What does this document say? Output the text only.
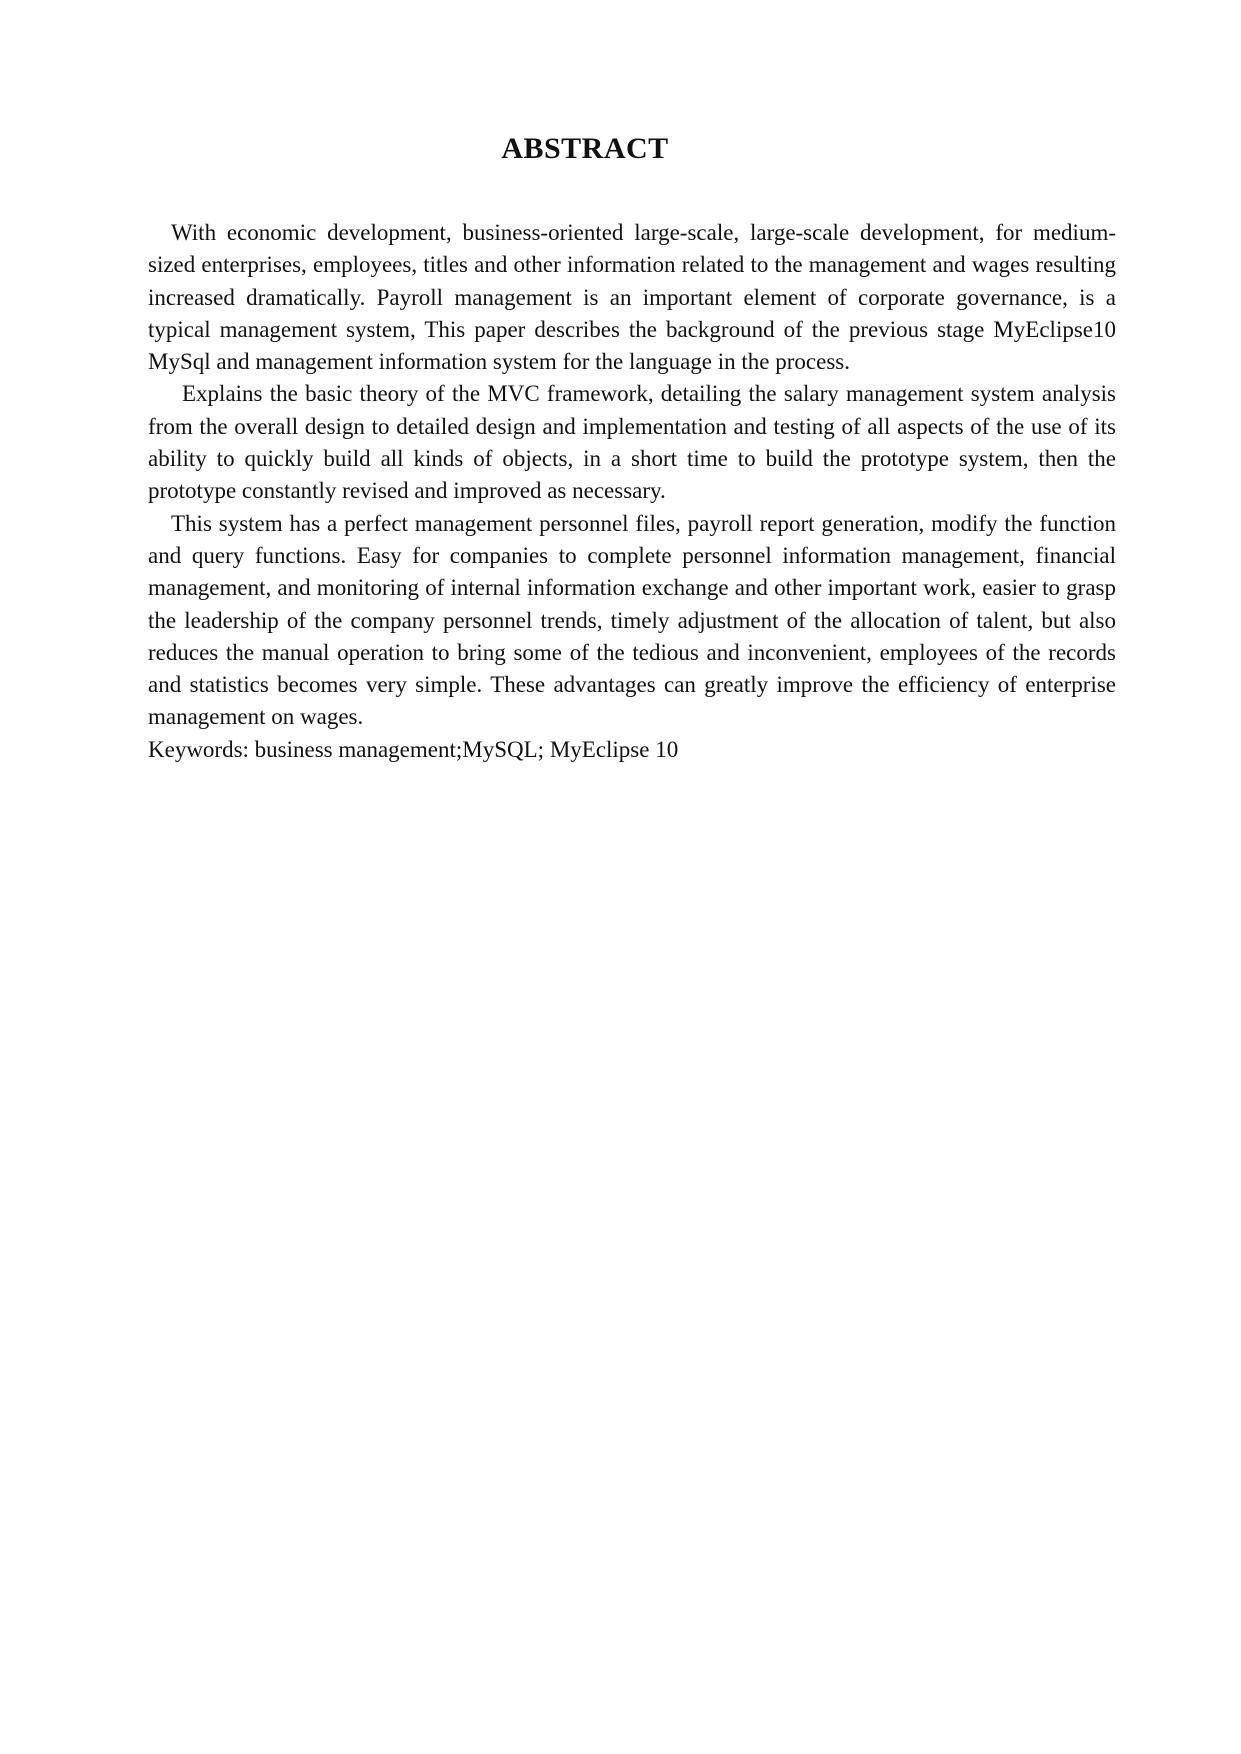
ABSTRACT

With economic development, business-oriented large-scale, large-scale development, for medium-sized enterprises, employees, titles and other information related to the management and wages resulting increased dramatically. Payroll management is an important element of corporate governance, is a typical management system, This paper describes the background of the previous stage MyEclipse10 MySql and management information system for the language in the process.

Explains the basic theory of the MVC framework, detailing the salary management system analysis from the overall design to detailed design and implementation and testing of all aspects of the use of its ability to quickly build all kinds of objects, in a short time to build the prototype system, then the prototype constantly revised and improved as necessary.

This system has a perfect management personnel files, payroll report generation, modify the function and query functions. Easy for companies to complete personnel information management, financial management, and monitoring of internal information exchange and other important work, easier to grasp the leadership of the company personnel trends, timely adjustment of the allocation of talent, but also reduces the manual operation to bring some of the tedious and inconvenient, employees of the records and statistics becomes very simple. These advantages can greatly improve the efficiency of enterprise management on wages.

Keywords: business management;MySQL; MyEclipse 10
